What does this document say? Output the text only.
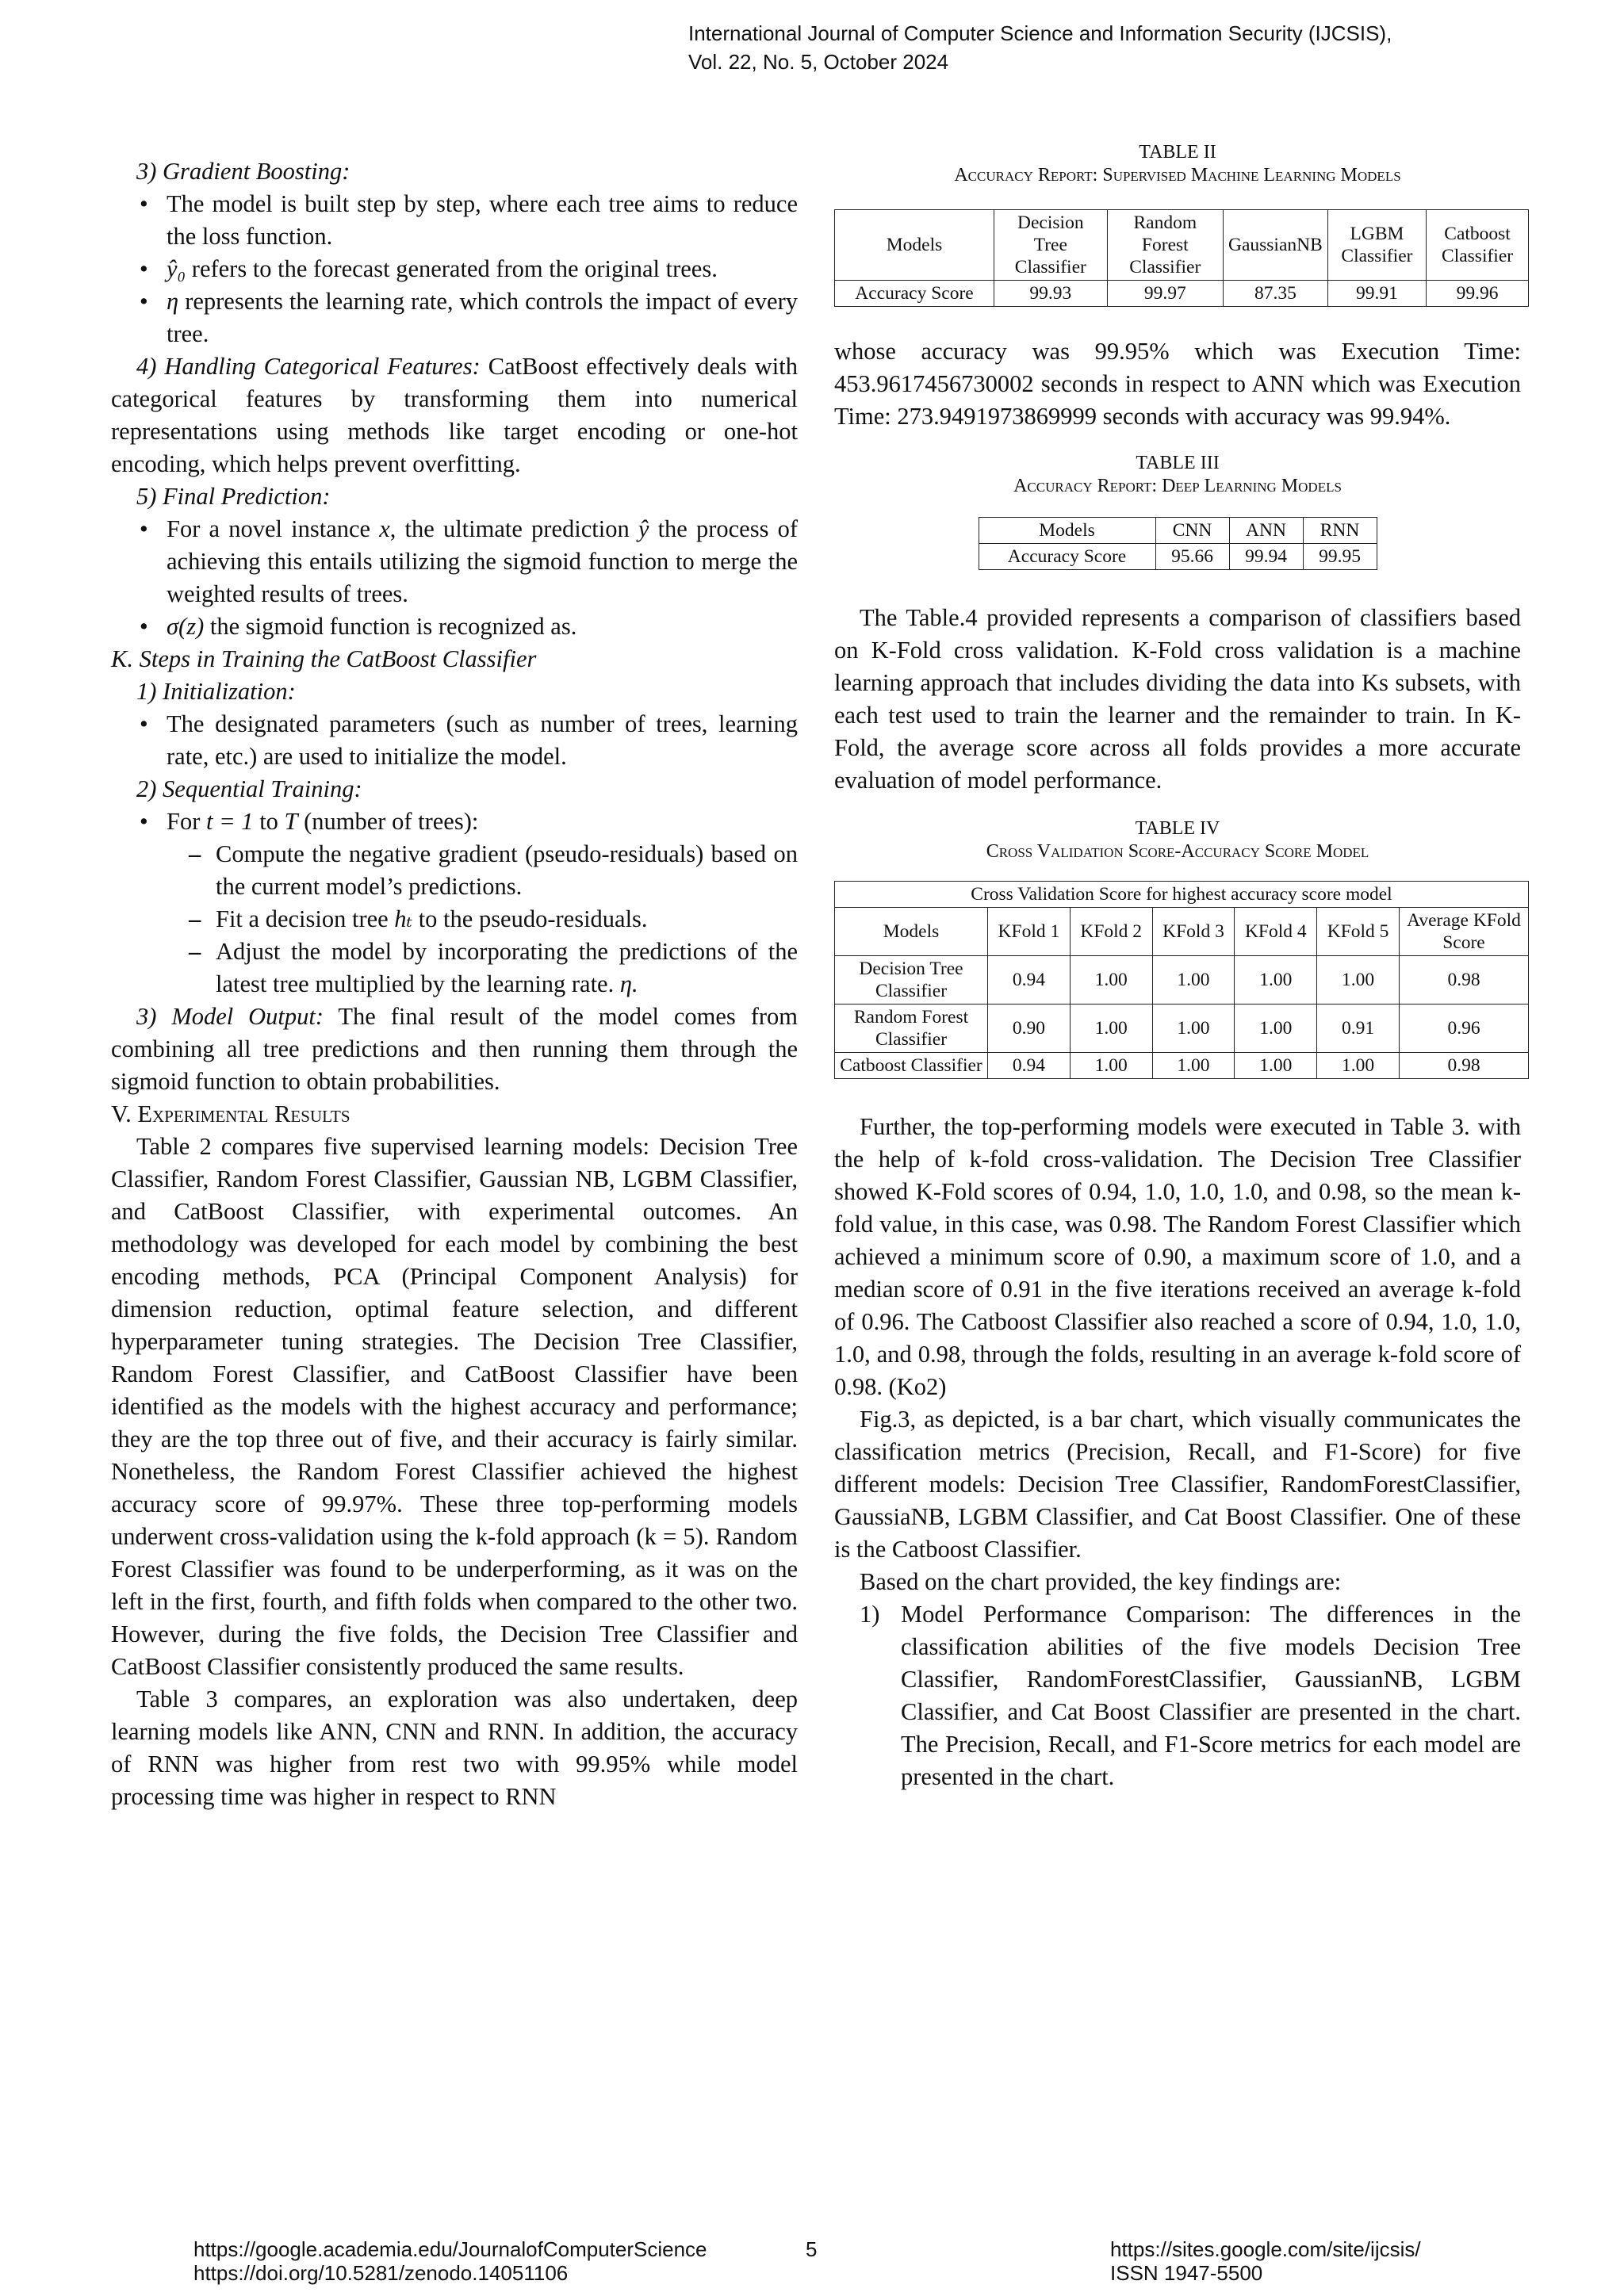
International Journal of Computer Science and Information Security (IJCSIS),
Vol. 22, No. 5, October 2024

3) Gradient Boosting:

• The model is built step by step, where each tree aims to reduce the loss function.
• ŷ₀ refers to the forecast generated from the original trees.
• η represents the learning rate, which controls the impact of every tree.

4) Handling Categorical Features: CatBoost effectively deals with categorical features by transforming them into numerical representations using methods like target encoding or one-hot encoding, which helps prevent overfitting.

5) Final Prediction:

• For a novel instance x, the ultimate prediction ŷ the process of achieving this entails utilizing the sigmoid function to merge the weighted results of trees.
• σ(z) the sigmoid function is recognized as.

K. Steps in Training the CatBoost Classifier

1) Initialization:

• The designated parameters (such as number of trees, learning rate, etc.) are used to initialize the model.

2) Sequential Training:

• For t = 1 to T (number of trees):
– Compute the negative gradient (pseudo-residuals) based on the current model’s predictions.
– Fit a decision tree hₜ to the pseudo-residuals.
– Adjust the model by incorporating the predictions of the latest tree multiplied by the learning rate. η.

3) Model Output: The final result of the model comes from combining all tree predictions and then running them through the sigmoid function to obtain probabilities.

V. Experimental Results

Table 2 compares five supervised learning models: Decision Tree Classifier, Random Forest Classifier, Gaussian NB, LGBM Classifier, and CatBoost Classifier, with experimental outcomes. An methodology was developed for each model by combining the best encoding methods, PCA (Principal Component Analysis) for dimension reduction, optimal feature selection, and different hyperparameter tuning strategies. The Decision Tree Classifier, Random Forest Classifier, and CatBoost Classifier have been identified as the models with the highest accuracy and performance; they are the top three out of five, and their accuracy is fairly similar. Nonetheless, the Random Forest Classifier achieved the highest accuracy score of 99.97%. These three top-performing models underwent cross-validation using the k-fold approach (k = 5). Random Forest Classifier was found to be underperforming, as it was on the left in the first, fourth, and fifth folds when compared to the other two. However, during the five folds, the Decision Tree Classifier and CatBoost Classifier consistently produced the same results.

Table 3 compares, an exploration was also undertaken, deep learning models like ANN, CNN and RNN. In addition, the accuracy of RNN was higher from rest two with 99.95% while model processing time was higher in respect to RNN

TABLE II
Accuracy Report: Supervised Machine Learning Models
Models	Decision Tree Classifier	Random Forest Classifier	GaussianNB	LGBM Classifier	Catboost Classifier
Accuracy Score	99.93	99.97	87.35	99.91	99.96

whose accuracy was 99.95% which was Execution Time: 453.9617456730002 seconds in respect to ANN which was Execution Time: 273.9491973869999 seconds with accuracy was 99.94%.

TABLE III
Accuracy Report: Deep Learning Models
Models	CNN	ANN	RNN
Accuracy Score	95.66	99.94	99.95

The Table.4 provided represents a comparison of classifiers based on K-Fold cross validation. K-Fold cross validation is a machine learning approach that includes dividing the data into Ks subsets, with each test used to train the learner and the remainder to train. In K-Fold, the average score across all folds provides a more accurate evaluation of model performance.

TABLE IV
Cross Validation Score-Accuracy Score Model
Cross Validation Score for highest accuracy score model						
Models	KFold 1	KFold 2	KFold 3	KFold 4	KFold 5	Average KFold Score
Decision Tree Classifier	0.94	1.00	1.00	1.00	1.00	0.98
Random Forest Classifier	0.90	1.00	1.00	1.00	0.91	0.96
Catboost Classifier	0.94	1.00	1.00	1.00	1.00	0.98

Further, the top-performing models were executed in Table 3. with the help of k-fold cross-validation. The Decision Tree Classifier showed K-Fold scores of 0.94, 1.0, 1.0, 1.0, and 0.98, so the mean k-fold value, in this case, was 0.98. The Random Forest Classifier which achieved a minimum score of 0.90, a maximum score of 1.0, and a median score of 0.91 in the five iterations received an average k-fold of 0.96. The Catboost Classifier also reached a score of 0.94, 1.0, 1.0, 1.0, and 0.98, through the folds, resulting in an average k-fold score of 0.98. (Ko2)

Fig.3, as depicted, is a bar chart, which visually communicates the classification metrics (Precision, Recall, and F1-Score) for five different models: Decision Tree Classifier, RandomForestClassifier, GaussiaNB, LGBM Classifier, and Cat Boost Classifier. One of these is the Catboost Classifier.

Based on the chart provided, the key findings are:

1) Model Performance Comparison: The differences in the classification abilities of the five models Decision Tree Classifier, RandomForestClassifier, GaussianNB, LGBM Classifier, and Cat Boost Classifier are presented in the chart. The Precision, Recall, and F1-Score metrics for each model are presented in the chart.
https://google.academia.edu/JournalofComputerScience
https://doi.org/10.5281/zenodo.14051106
5	https://sites.google.com/site/ijcsis/
ISSN 1947-5500
